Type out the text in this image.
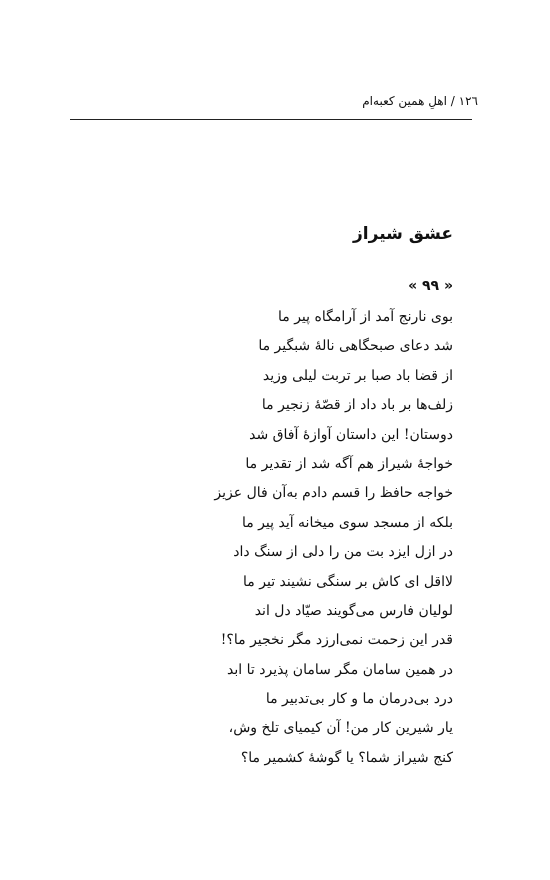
١٢٦ / اهلِ همین کعبه‌ام
عشق شیراز
« ۹۹ »
بوی نارنج آمد از آرامگاه پیر ما
شد دعای صبحگاهی نالهٔ شبگیر ما
از قضا باد صبا بر تربت لیلی وزید
زلف‌ها بر باد داد از قصّهٔ زنجیر ما
دوستان! این داستان آوازهٔ آفاق شد
خواجهٔ شیراز هم آگه شد از تقدیر ما
خواجه حافظ را قسم دادم به‌آن فال عزیز
بلکه از مسجد سوی میخانه آید پیر ما
در ازل ایزد بت من را دلی از سنگ داد
لااقل ای کاش بر سنگی نشیند تیر ما
لولیان فارس می‌گویند صیّاد دل اند
قدر این زحمت نمی‌ارزد مگر نخجیر ما؟!
در همین سامان مگر سامان پذیرد تا ابد
درد بی‌درمان ما و کار بی‌تدبیر ما
یار شیرین کار من! آن کیمیای تلخ وش،
کنج شیراز شما؟ یا گوشهٔ کشمیر ما؟
